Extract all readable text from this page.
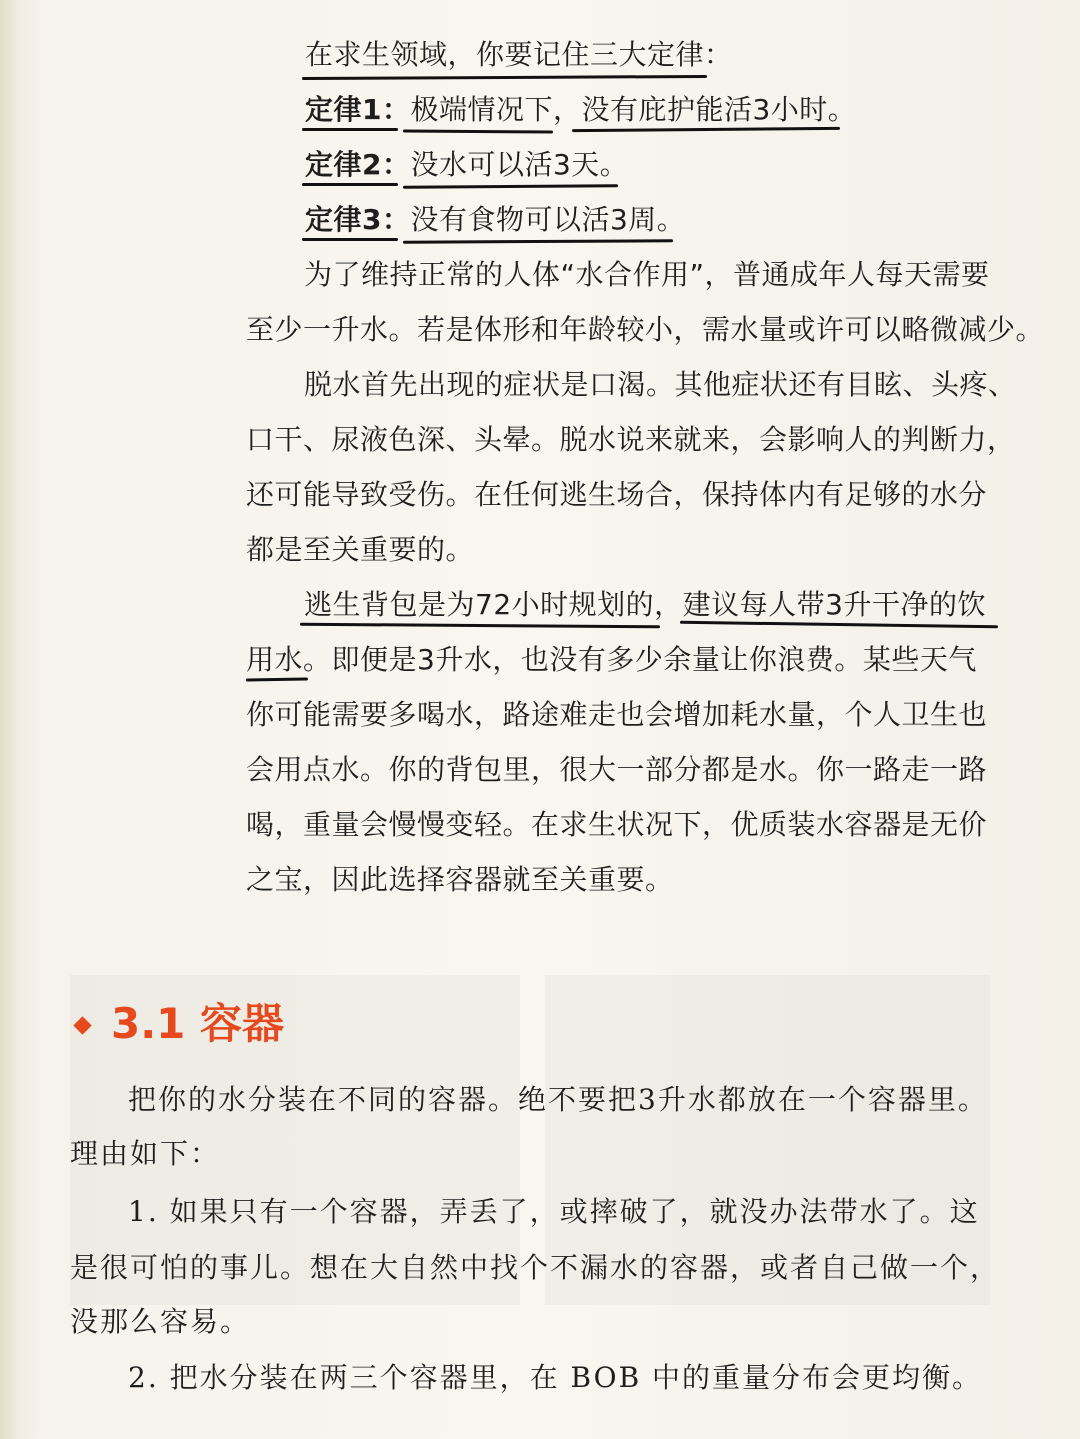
在求生领域，你要记住三大定律：
定律1：极端情况下，没有庇护能活3小时。
定律2：没水可以活3天。
定律3：没有食物可以活3周。
为了维持正常的人体“水合作用”，普通成年人每天需要
至少一升水。若是体形和年龄较小，需水量或许可以略微减少。
脱水首先出现的症状是口渴。其他症状还有目眩、头疼、
口干、尿液色深、头晕。脱水说来就来，会影响人的判断力，
还可能导致受伤。在任何逃生场合，保持体内有足够的水分
都是至关重要的。
逃生背包是为72小时规划的，建议每人带3升干净的饮
用水。即便是3升水，也没有多少余量让你浪费。某些天气
你可能需要多喝水，路途难走也会增加耗水量，个人卫生也
会用点水。你的背包里，很大一部分都是水。你一路走一路
喝，重量会慢慢变轻。在求生状况下，优质装水容器是无价
之宝，因此选择容器就至关重要。
3.1 容器
把你的水分装在不同的容器。绝不要把3升水都放在一个容器里。
理由如下：
1. 如果只有一个容器，弄丢了，或摔破了，就没办法带水了。这
是很可怕的事儿。想在大自然中找个不漏水的容器，或者自己做一个，
没那么容易。
2. 把水分装在两三个容器里，在 BOB 中的重量分布会更均衡。
